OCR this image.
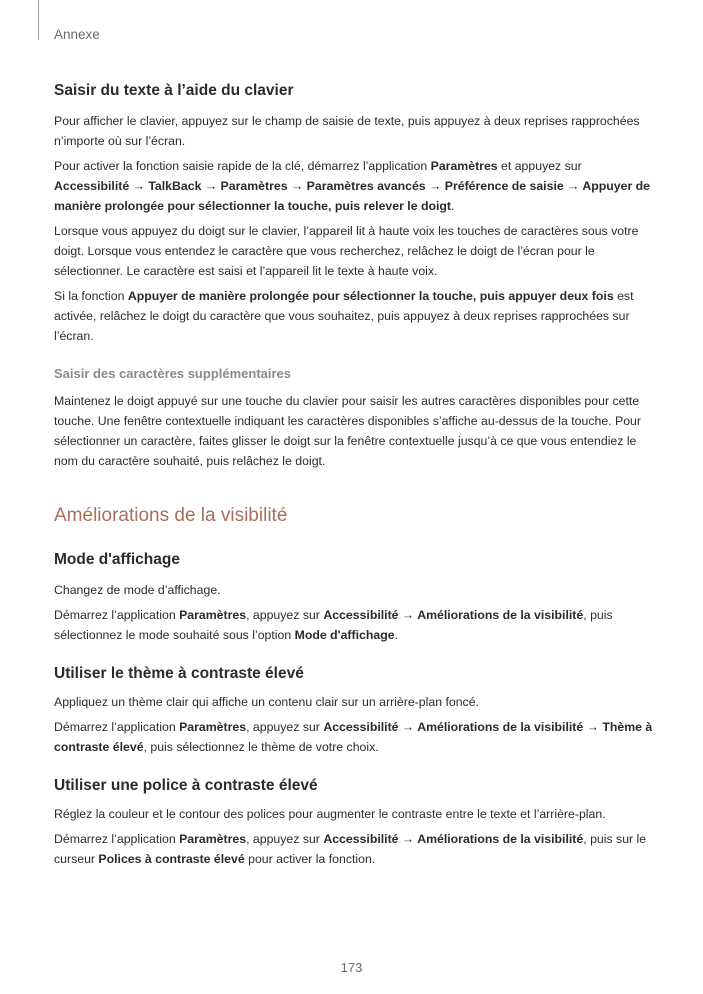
Annexe
Saisir du texte à l’aide du clavier

Pour afficher le clavier, appuyez sur le champ de saisie de texte, puis appuyez à deux reprises rapprochées n’importe où sur l’écran.

Pour activer la fonction saisie rapide de la clé, démarrez l’application Paramètres et appuyez sur Accessibilité → TalkBack → Paramètres → Paramètres avancés → Préférence de saisie → Appuyer de manière prolongée pour sélectionner la touche, puis relever le doigt.

Lorsque vous appuyez du doigt sur le clavier, l’appareil lit à haute voix les touches de caractères sous votre doigt. Lorsque vous entendez le caractère que vous recherchez, relâchez le doigt de l’écran pour le sélectionner. Le caractère est saisi et l’appareil lit le texte à haute voix.

Si la fonction Appuyer de manière prolongée pour sélectionner la touche, puis appuyer deux fois est activée, relâchez le doigt du caractère que vous souhaitez, puis appuyez à deux reprises rapprochées sur l’écran.

Saisir des caractères supplémentaires

Maintenez le doigt appuyé sur une touche du clavier pour saisir les autres caractères disponibles pour cette touche. Une fenêtre contextuelle indiquant les caractères disponibles s’affiche au-dessus de la touche. Pour sélectionner un caractère, faites glisser le doigt sur la fenêtre contextuelle jusqu’à ce que vous entendiez le nom du caractère souhaité, puis relâchez le doigt.

Améliorations de la visibilité
Mode d'affichage

Changez de mode d’affichage.

Démarrez l’application Paramètres, appuyez sur Accessibilité → Améliorations de la visibilité, puis sélectionnez le mode souhaité sous l’option Mode d'affichage.

Utiliser le thème à contraste élevé

Appliquez un thème clair qui affiche un contenu clair sur un arrière-plan foncé.

Démarrez l’application Paramètres, appuyez sur Accessibilité → Améliorations de la visibilité → Thème à contraste élevé, puis sélectionnez le thème de votre choix.

Utiliser une police à contraste élevé

Réglez la couleur et le contour des polices pour augmenter le contraste entre le texte et l’arrière-plan.

Démarrez l’application Paramètres, appuyez sur Accessibilité → Améliorations de la visibilité, puis sur le curseur Polices à contraste élevé pour activer la fonction.

173
